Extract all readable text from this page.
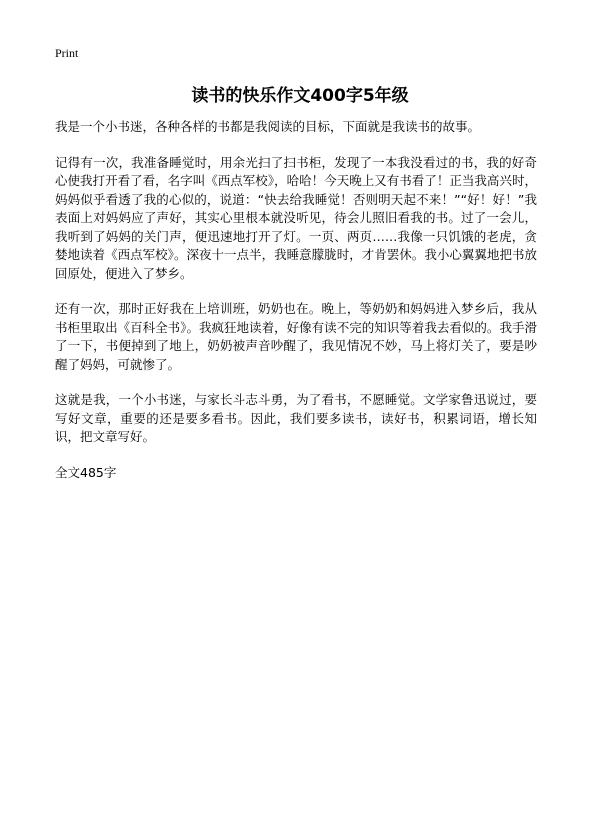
Print
读书的快乐作文400字5年级

我是一个小书迷，各种各样的书都是我阅读的目标，下面就是我读书的故事。

记得有一次，我准备睡觉时，用余光扫了扫书柜，发现了一本我没看过的书，我的好奇心使我打开看了看，名字叫《西点军校》，哈哈！今天晚上又有书看了！正当我高兴时，妈妈似乎看透了我的心似的，说道：“快去给我睡觉！否则明天起不来！”“好！好！”我表面上对妈妈应了声好，其实心里根本就没听见，待会儿照旧看我的书。过了一会儿，我听到了妈妈的关门声，便迅速地打开了灯。一页、两页……我像一只饥饿的老虎，贪婪地读着《西点军校》。深夜十一点半，我睡意朦胧时，才肯罢休。我小心翼翼地把书放回原处，便进入了梦乡。

还有一次，那时正好我在上培训班，奶奶也在。晚上，等奶奶和妈妈进入梦乡后，我从书柜里取出《百科全书》。我疯狂地读着，好像有读不完的知识等着我去看似的。我手滑了一下，书便掉到了地上，奶奶被声音吵醒了，我见情况不妙，马上将灯关了，要是吵醒了妈妈，可就惨了。

这就是我，一个小书迷，与家长斗志斗勇，为了看书，不愿睡觉。文学家鲁迅说过，要写好文章，重要的还是要多看书。因此，我们要多读书，读好书，积累词语，增长知识，把文章写好。

全文485字
